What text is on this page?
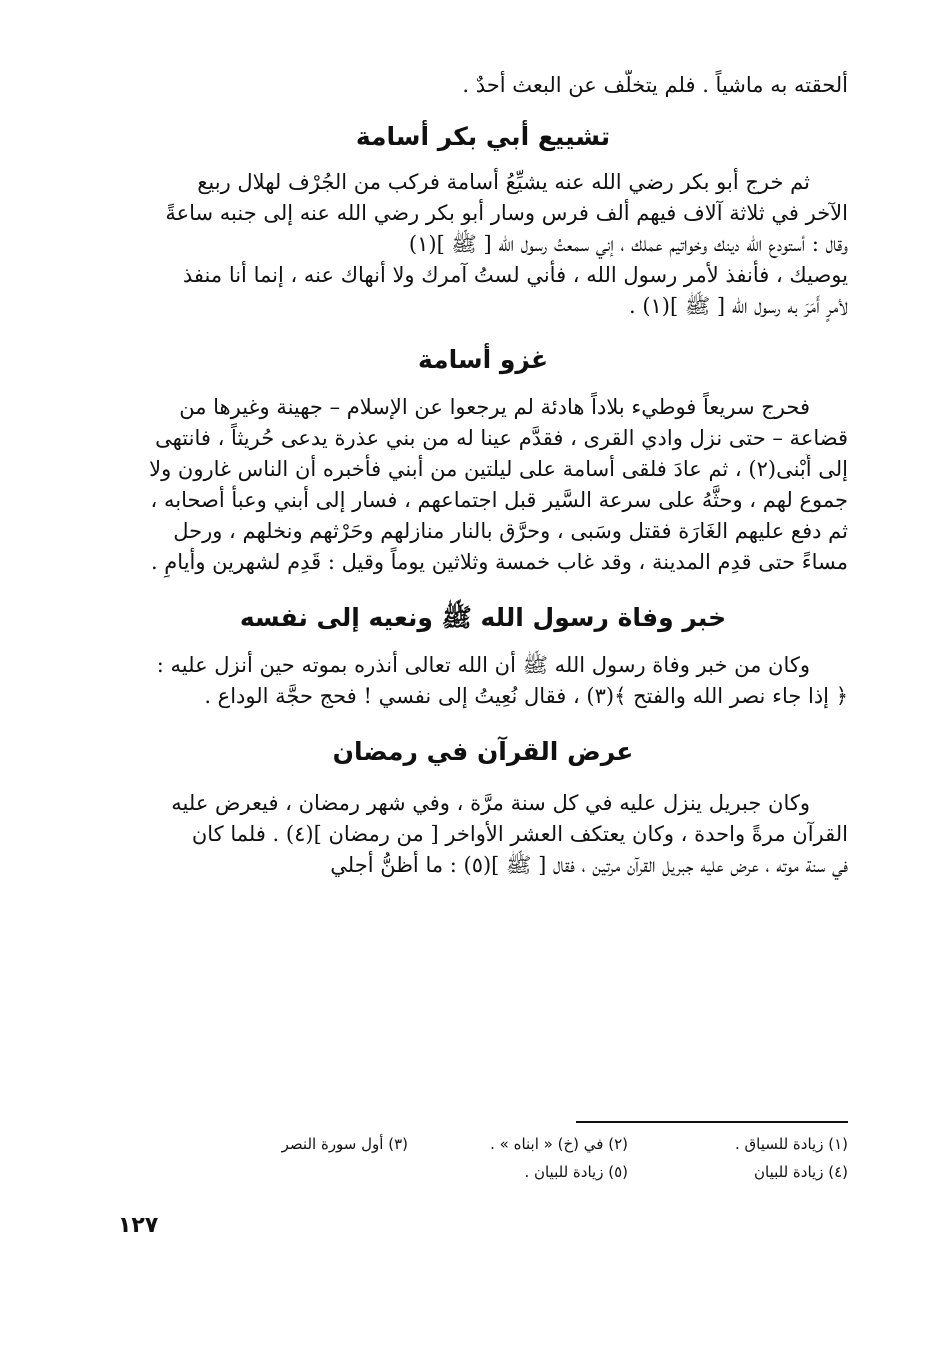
ألحقته به ماشياً . فلم يتخلَّف عن البعث أحدٌ .
تشييع أبي بكر أسامة
ثم خرج أبو بكر رضي الله عنه يشيِّعُ أسامة فركب من الجُرْف لهلال ربيع
الآخر في ثلاثة آلاف فيهم ألف فرس وسار أبو بكر رضي الله عنه إلى جنبه ساعةً
وقال : أستودع الله دينك وخواتيم عملك ، إني سمعتُ رسول الله [ ﷺ ](١)
يوصيك ، فأنفذ لأمر رسول الله ، فأني لستُ آمرك ولا أنهاك عنه ، إنما أنا منفذ
لأمرٍ أَمَرَ به رسول الله [ ﷺ ](١) .
غزو أسامة
فحرج سريعاً فوطيء بلاداً هادئة لم يرجعوا عن الإسلام – جهينة وغيرها من
قضاعة – حتى نزل وادي القرى ، فقدَّم عينا له من بني عذرة يدعى حُريثاً ، فانتهى
إلى أُبْنى(٢) ، ثم عادَ فلقى أسامة على ليلتين من أبني فأخبره أن الناس غارون ولا
جموع لهم ، وحثَّهُ على سرعة السَّير قبل اجتماعهم ، فسار إلى أبني وعبأ أصحابه ،
ثم دفع عليهم الغَارَة فقتل وسَبى ، وحرَّق بالنار منازلهم وحَرْثهم ونخلهم ، ورحل
مساءً حتى قدِم المدينة ، وقد غاب خمسة وثلاثين يوماً وقيل : قَدِم لشهرين وأيامٍ .
خبر وفاة رسول الله ﷺ ونعيه إلى نفسه
وكان من خبر وفاة رسول الله ﷺ أن الله تعالى أنذره بموته حين أنزل عليه :
﴿ إذا جاء نصر الله والفتح ﴾(٣) ، فقال نُعِيتُ إلى نفسي ! فحج حجَّة الوداع .
عرض القرآن في رمضان
وكان جبريل ينزل عليه في كل سنة مرَّة ، وفي شهر رمضان ، فيعرض عليه
القرآن مرةً واحدة ، وكان يعتكف العشر الأواخر [ من رمضان ](٤) . فلما كان
في سنة موته ، عرض عليه جبريل القرآن مرتين ، فقال [ ﷺ ](٥) : ما أظنُّ أجلي
(١) زيادة للسياق .
(٢) في (خ) « ابناه » .
(٣) أول سورة النصر
(٤) زيادة للبيان
(٥) زيادة للبيان .
١٢٧
